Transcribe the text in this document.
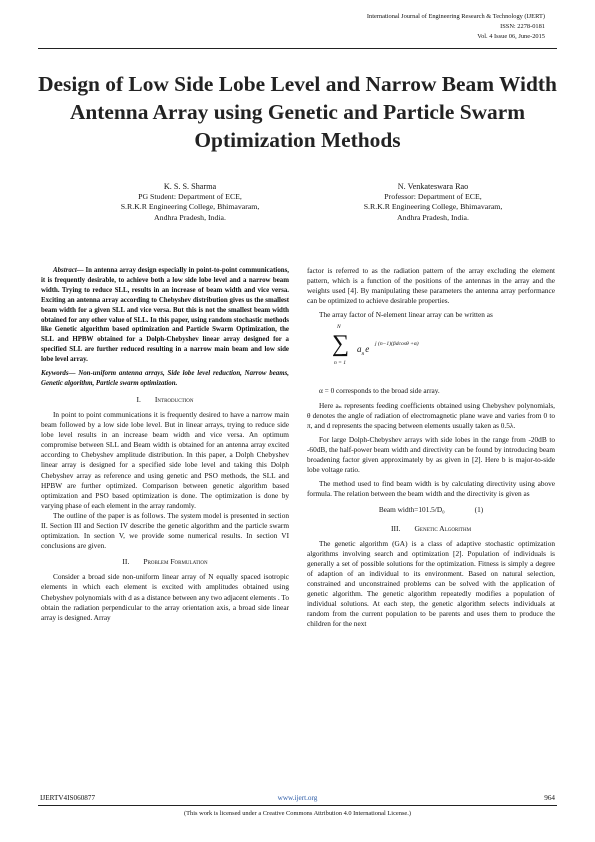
International Journal of Engineering Research & Technology (IJERT)
ISSN: 2278-0181
Vol. 4 Issue 06, June-2015
Design of Low Side Lobe Level and Narrow Beam Width Antenna Array using Genetic and Particle Swarm Optimization Methods
K. S. S. Sharma
PG Student: Department of ECE,
S.R.K.R Engineering College, Bhimavaram,
Andhra Pradesh, India.
N. Venkateswara Rao
Professor: Department of ECE,
S.R.K.R Engineering College, Bhimavaram,
Andhra Pradesh, India.

Abstract— In antenna array design especially in point-to-point communications, it is frequently desirable, to achieve both a low side lobe level and a narrow beam width. Trying to reduce SLL, results in an increase of beam width and vice versa. Exciting an antenna array according to Chebyshev distribution gives us the smallest beam width for a given SLL and vice versa. But this is not the smallest beam width obtained for any other value of SLL. In this paper, using random stochastic methods like Genetic algorithm based optimization and Particle Swarm Optimization, the SLL and HPBW obtained for a Dolph-Chebyshev linear array designed for a specified SLL are further reduced resulting in a narrow main beam and low side lobe level array.

Keywords— Non-uniform antenna arrays, Side lobe level reduction, Narrow beams, Genetic algorithm, Particle swarm optimization.

I. Introduction

In point to point communications it is frequently desired to have a narrow main beam followed by a low side lobe level. But in linear arrays, trying to reduce side lobe level results in an increase beam width and vice versa. An optimum compromise between SLL and Beam width is obtained for an antenna array excited according to Chebyshev amplitude distribution. In this paper, a Dolph Chebyshev linear array is designed for a specified side lobe level and taking this Dolph Chebyshev array as reference and using genetic and PSO methods, the SLL and HPBW are further optimized. Comparison between genetic algorithm based optimization and PSO based optimization is done. The optimization is done by varying phase of each element in the array randomly.

The outline of the paper is as follows. The system model is presented in section II. Section III and Section IV describe the genetic algorithm and the particle swarm optimization. In section V, we provide some numerical results. In section VI conclusions are given.

II. Problem Formulation

Consider a broad side non-uniform linear array of N equally spaced isotropic elements in which each element is excited with amplitudes obtained using Chebyshev polynomials with d as a distance between any two adjacent elements . To obtain the radiation perpendicular to the array orientation axis, a broad side linear array is designed. Array

factor is referred to as the radiation pattern of the array excluding the element pattern, which is a function of the positions of the antennas in the array and the weights used [4]. By manipulating these parameters the antenna array performance can be optimized to achieve desirable properties.

The array factor of N-element linear array can be written as

N
∑
n = 1
$a_ne$ j (n−1)(βdcosθ +α)

α = 0 corresponds to the broad side array.

Here aₙ represents feeding coefficients obtained using Chebyshev polynomials, θ denotes the angle of radiation of electromagnetic plane wave and varies from 0 to π, and d represents the spacing between elements usually taken as 0.5λ.

For large Dolph-Chebyshev arrays with side lobes in the range from -20dB to -60dB, the half-power beam width and directivity can be found by introducing beam broadening factor given approximately by as given in [2]. Here b is major-to-side lobe voltage ratio.

The method used to find beam width is by calculating directivity using above formula. The relation between the beam width and the directivity is given as

Beam width=101.5/D₀	(1)

III. Genetic Algorithm

The genetic algorithm (GA) is a class of adaptive stochastic optimization algorithms involving search and optimization [2]. Population of individuals is generally a set of possible solutions for the optimization. Fitness is simply a degree of adaption of an individual to its environment. Based on natural selection, constrained and unconstrained problems can be solved with the application of genetic algorithm. The genetic algorithm repeatedly modifies a population of individual solutions. At each step, the genetic algorithm selects individuals at random from the current population to be parents and uses them to produce the children for the next

IJERTV4IS060877	www.ijert.org	964
(This work is licensed under a Creative Commons Attribution 4.0 International License.)
